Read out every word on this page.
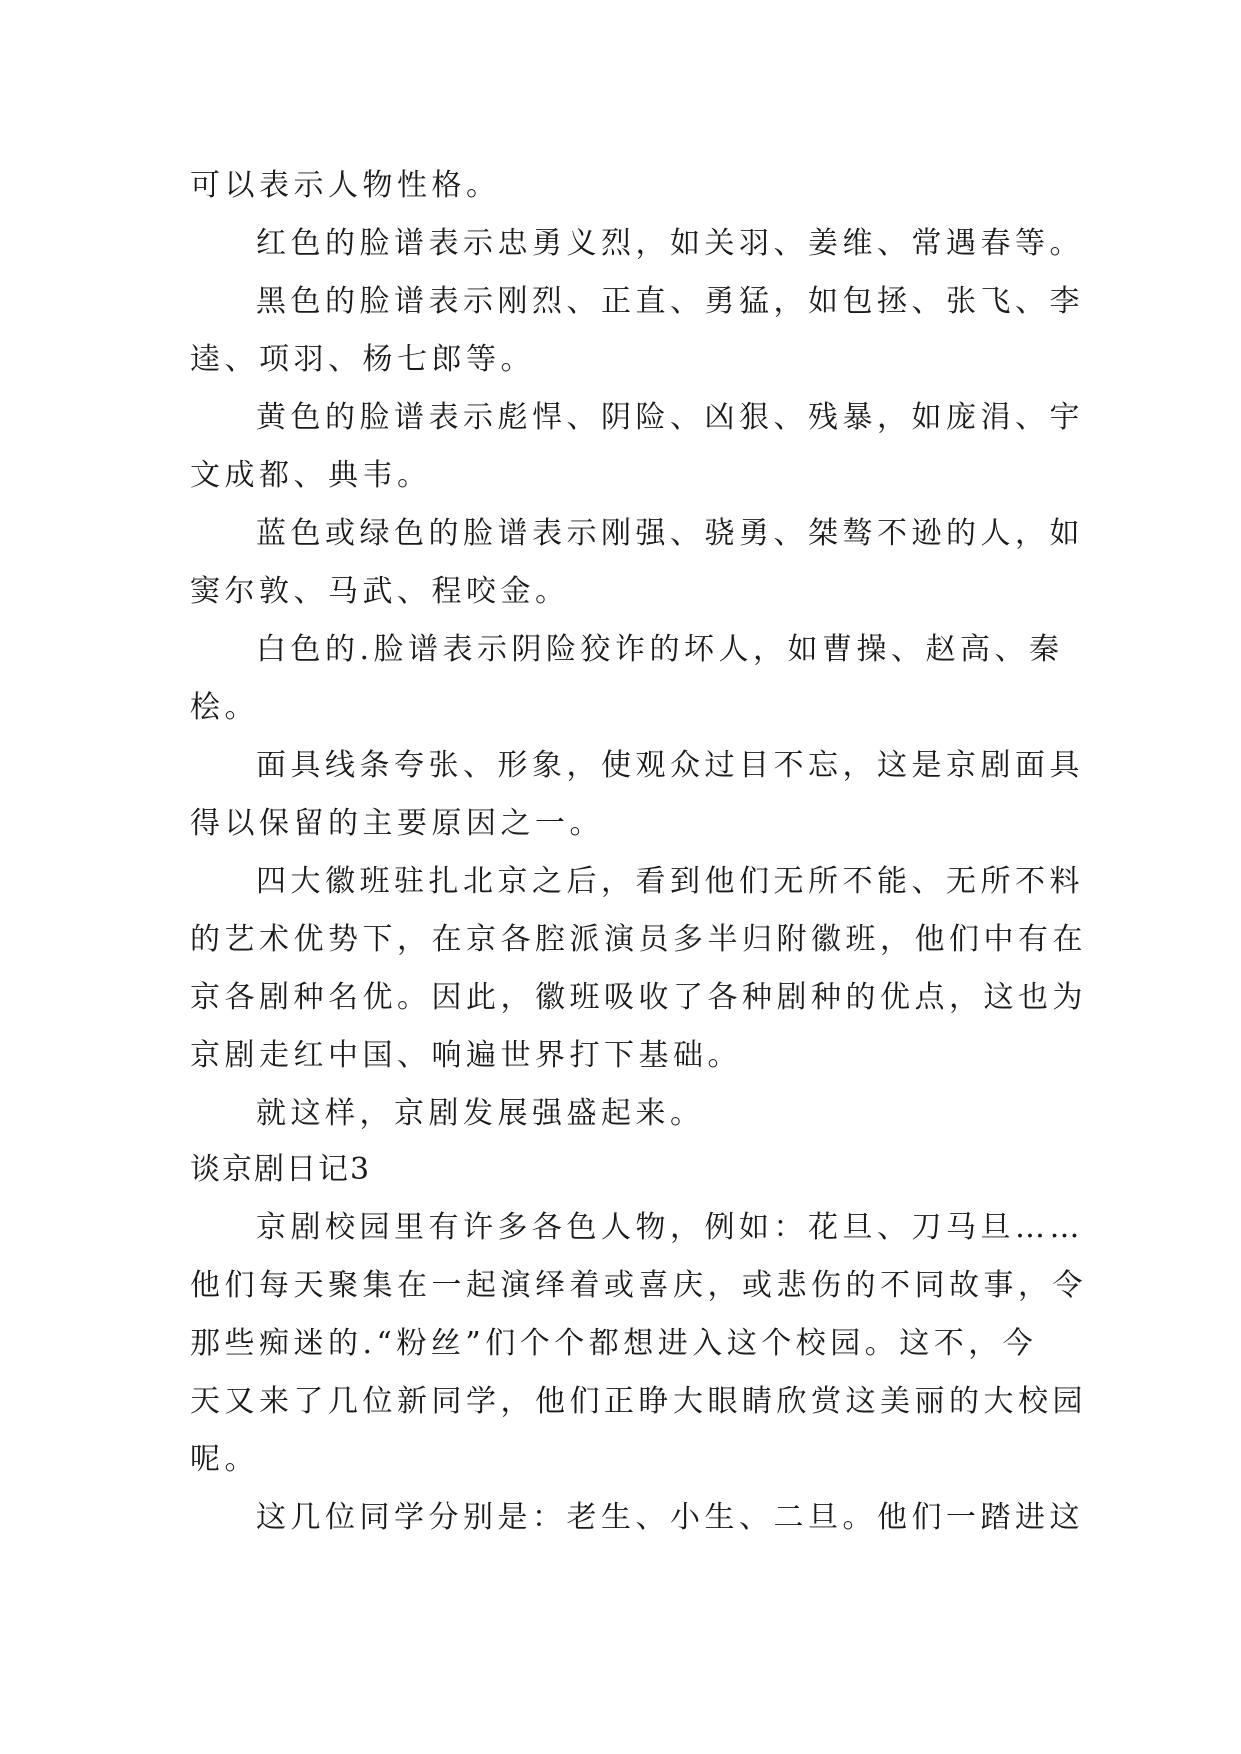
可以表示人物性格。
红色的脸谱表示忠勇义烈，如关羽、姜维、常遇春等。
黑色的脸谱表示刚烈、正直、勇猛，如包拯、张飞、李
逵、项羽、杨七郎等。
黄色的脸谱表示彪悍、阴险、凶狠、残暴，如庞涓、宇
文成都、典韦。
蓝色或绿色的脸谱表示刚强、骁勇、桀骜不逊的人，如
窦尔敦、马武、程咬金。
白色的.脸谱表示阴险狡诈的坏人，如曹操、赵高、秦
桧。
面具线条夸张、形象，使观众过目不忘，这是京剧面具
得以保留的主要原因之一。
四大徽班驻扎北京之后，看到他们无所不能、无所不料
的艺术优势下，在京各腔派演员多半归附徽班，他们中有在
京各剧种名优。因此，徽班吸收了各种剧种的优点，这也为
京剧走红中国、响遍世界打下基础。
就这样，京剧发展强盛起来。
谈京剧日记3
京剧校园里有许多各色人物，例如：花旦、刀马旦……
他们每天聚集在一起演绎着或喜庆，或悲伤的不同故事，令
那些痴迷的.“粉丝”们个个都想进入这个校园。这不，今
天又来了几位新同学，他们正睁大眼睛欣赏这美丽的大校园
呢。
这几位同学分别是：老生、小生、二旦。他们一踏进这
